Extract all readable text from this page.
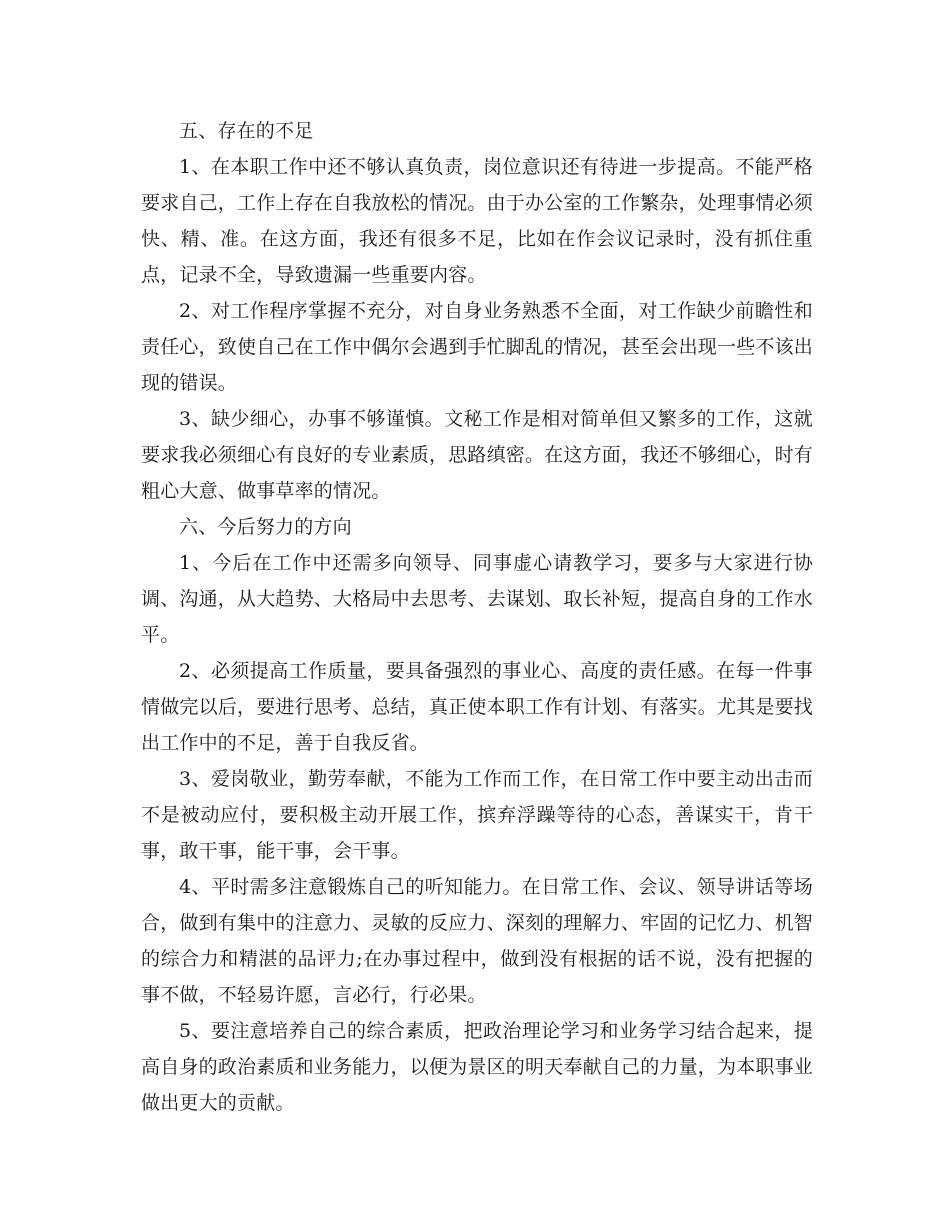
五、存在的不足

1、在本职工作中还不够认真负责，岗位意识还有待进一步提高。不能严格要求自己，工作上存在自我放松的情况。由于办公室的工作繁杂，处理事情必须快、精、准。在这方面，我还有很多不足，比如在作会议记录时，没有抓住重点，记录不全，导致遗漏一些重要内容。

2、对工作程序掌握不充分，对自身业务熟悉不全面，对工作缺少前瞻性和责任心，致使自己在工作中偶尔会遇到手忙脚乱的情况，甚至会出现一些不该出现的错误。

3、缺少细心，办事不够谨慎。文秘工作是相对简单但又繁多的工作，这就要求我必须细心有良好的专业素质，思路缜密。在这方面，我还不够细心，时有粗心大意、做事草率的情况。

六、今后努力的方向

1、今后在工作中还需多向领导、同事虚心请教学习，要多与大家进行协调、沟通，从大趋势、大格局中去思考、去谋划、取长补短，提高自身的工作水平。

2、必须提高工作质量，要具备强烈的事业心、高度的责任感。在每一件事情做完以后，要进行思考、总结，真正使本职工作有计划、有落实。尤其是要找出工作中的不足，善于自我反省。

3、爱岗敬业，勤劳奉献，不能为工作而工作，在日常工作中要主动出击而不是被动应付，要积极主动开展工作，摈弃浮躁等待的心态，善谋实干，肯干事，敢干事，能干事，会干事。

4、平时需多注意锻炼自己的听知能力。在日常工作、会议、领导讲话等场合，做到有集中的注意力、灵敏的反应力、深刻的理解力、牢固的记忆力、机智的综合力和精湛的品评力;在办事过程中，做到没有根据的话不说，没有把握的事不做，不轻易许愿，言必行，行必果。

5、要注意培养自己的综合素质，把政治理论学习和业务学习结合起来，提高自身的政治素质和业务能力，以便为景区的明天奉献自己的力量，为本职事业做出更大的贡献。
